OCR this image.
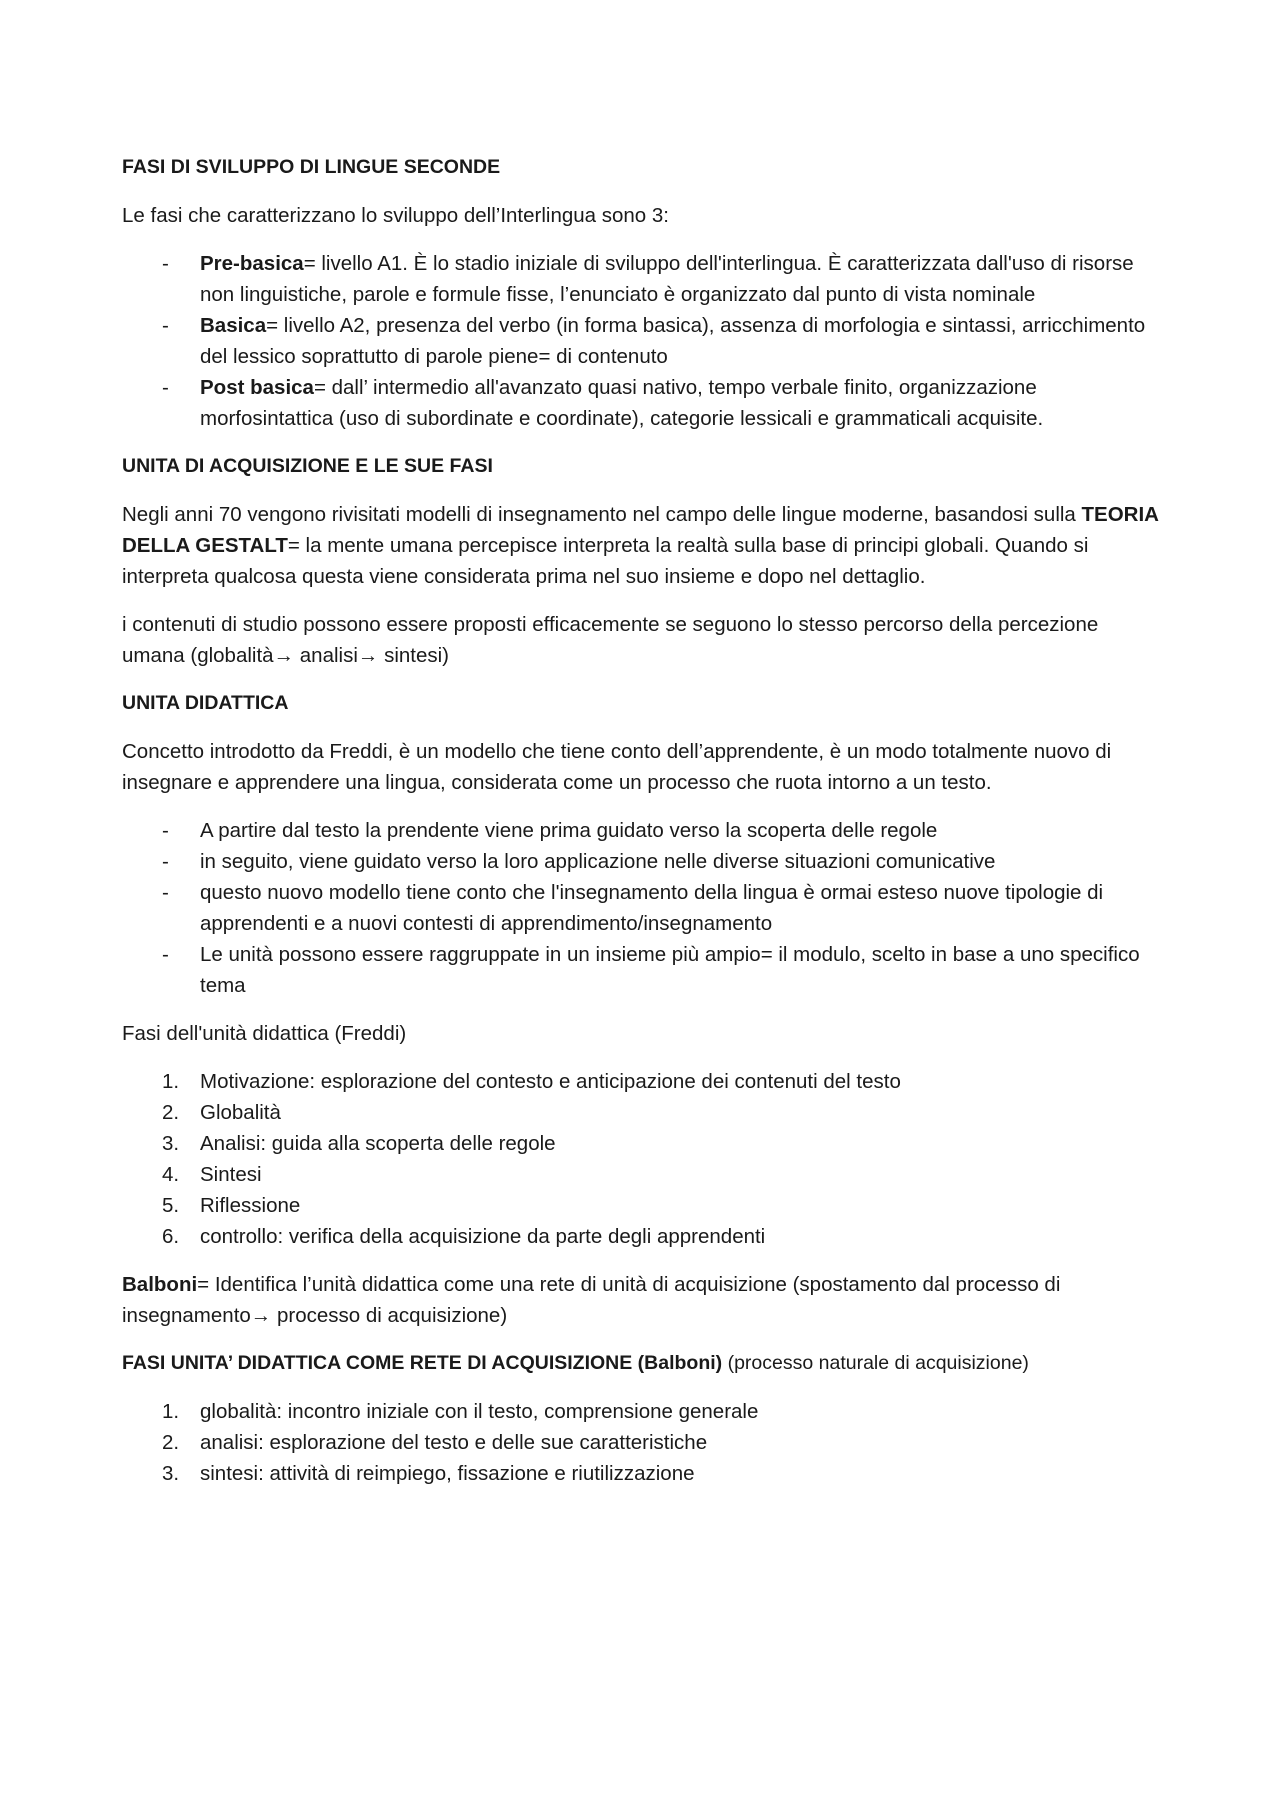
FASI DI SVILUPPO DI LINGUE SECONDE

Le fasi che caratterizzano lo sviluppo dell’Interlingua sono 3:

- Pre-basica= livello A1. È lo stadio iniziale di sviluppo dell'interlingua. È caratterizzata dall'uso di risorse non linguistiche, parole e formule fisse, l’enunciato è organizzato dal punto di vista nominale
- Basica= livello A2, presenza del verbo (in forma basica), assenza di morfologia e sintassi, arricchimento del lessico soprattutto di parole piene= di contenuto
- Post basica= dall’ intermedio all'avanzato quasi nativo, tempo verbale finito, organizzazione morfosintattica (uso di subordinate e coordinate), categorie lessicali e grammaticali acquisite.
UNITA DI ACQUISIZIONE E LE SUE FASI

Negli anni 70 vengono rivisitati modelli di insegnamento nel campo delle lingue moderne, basandosi sulla TEORIA DELLA GESTALT= la mente umana percepisce interpreta la realtà sulla base di principi globali. Quando si interpreta qualcosa questa viene considerata prima nel suo insieme e dopo nel dettaglio.

i contenuti di studio possono essere proposti efficacemente se seguono lo stesso percorso della percezione umana (globalità→ analisi→ sintesi)

UNITA DIDATTICA

Concetto introdotto da Freddi, è un modello che tiene conto dell’apprendente, è un modo totalmente nuovo di insegnare e apprendere una lingua, considerata come un processo che ruota intorno a un testo.

- A partire dal testo la prendente viene prima guidato verso la scoperta delle regole
- in seguito, viene guidato verso la loro applicazione nelle diverse situazioni comunicative
- questo nuovo modello tiene conto che l'insegnamento della lingua è ormai esteso nuove tipologie di apprendenti e a nuovi contesti di apprendimento/insegnamento
- Le unità possono essere raggruppate in un insieme più ampio= il modulo, scelto in base a uno specifico tema

Fasi dell'unità didattica (Freddi)

1.	Motivazione: esplorazione del contesto e anticipazione dei contenuti del testo
2.	Globalità
3.	Analisi: guida alla scoperta delle regole
4.	Sintesi
5.	Riflessione
6.	controllo: verifica della acquisizione da parte degli apprendenti

Balboni= Identifica l’unità didattica come una rete di unità di acquisizione (spostamento dal processo di insegnamento→ processo di acquisizione)

FASI UNITA’ DIDATTICA COME RETE DI ACQUISIZIONE (Balboni) (processo naturale di acquisizione)
1.	globalità: incontro iniziale con il testo, comprensione generale
2.	analisi: esplorazione del testo e delle sue caratteristiche
3.	sintesi: attività di reimpiego, fissazione e riutilizzazione
